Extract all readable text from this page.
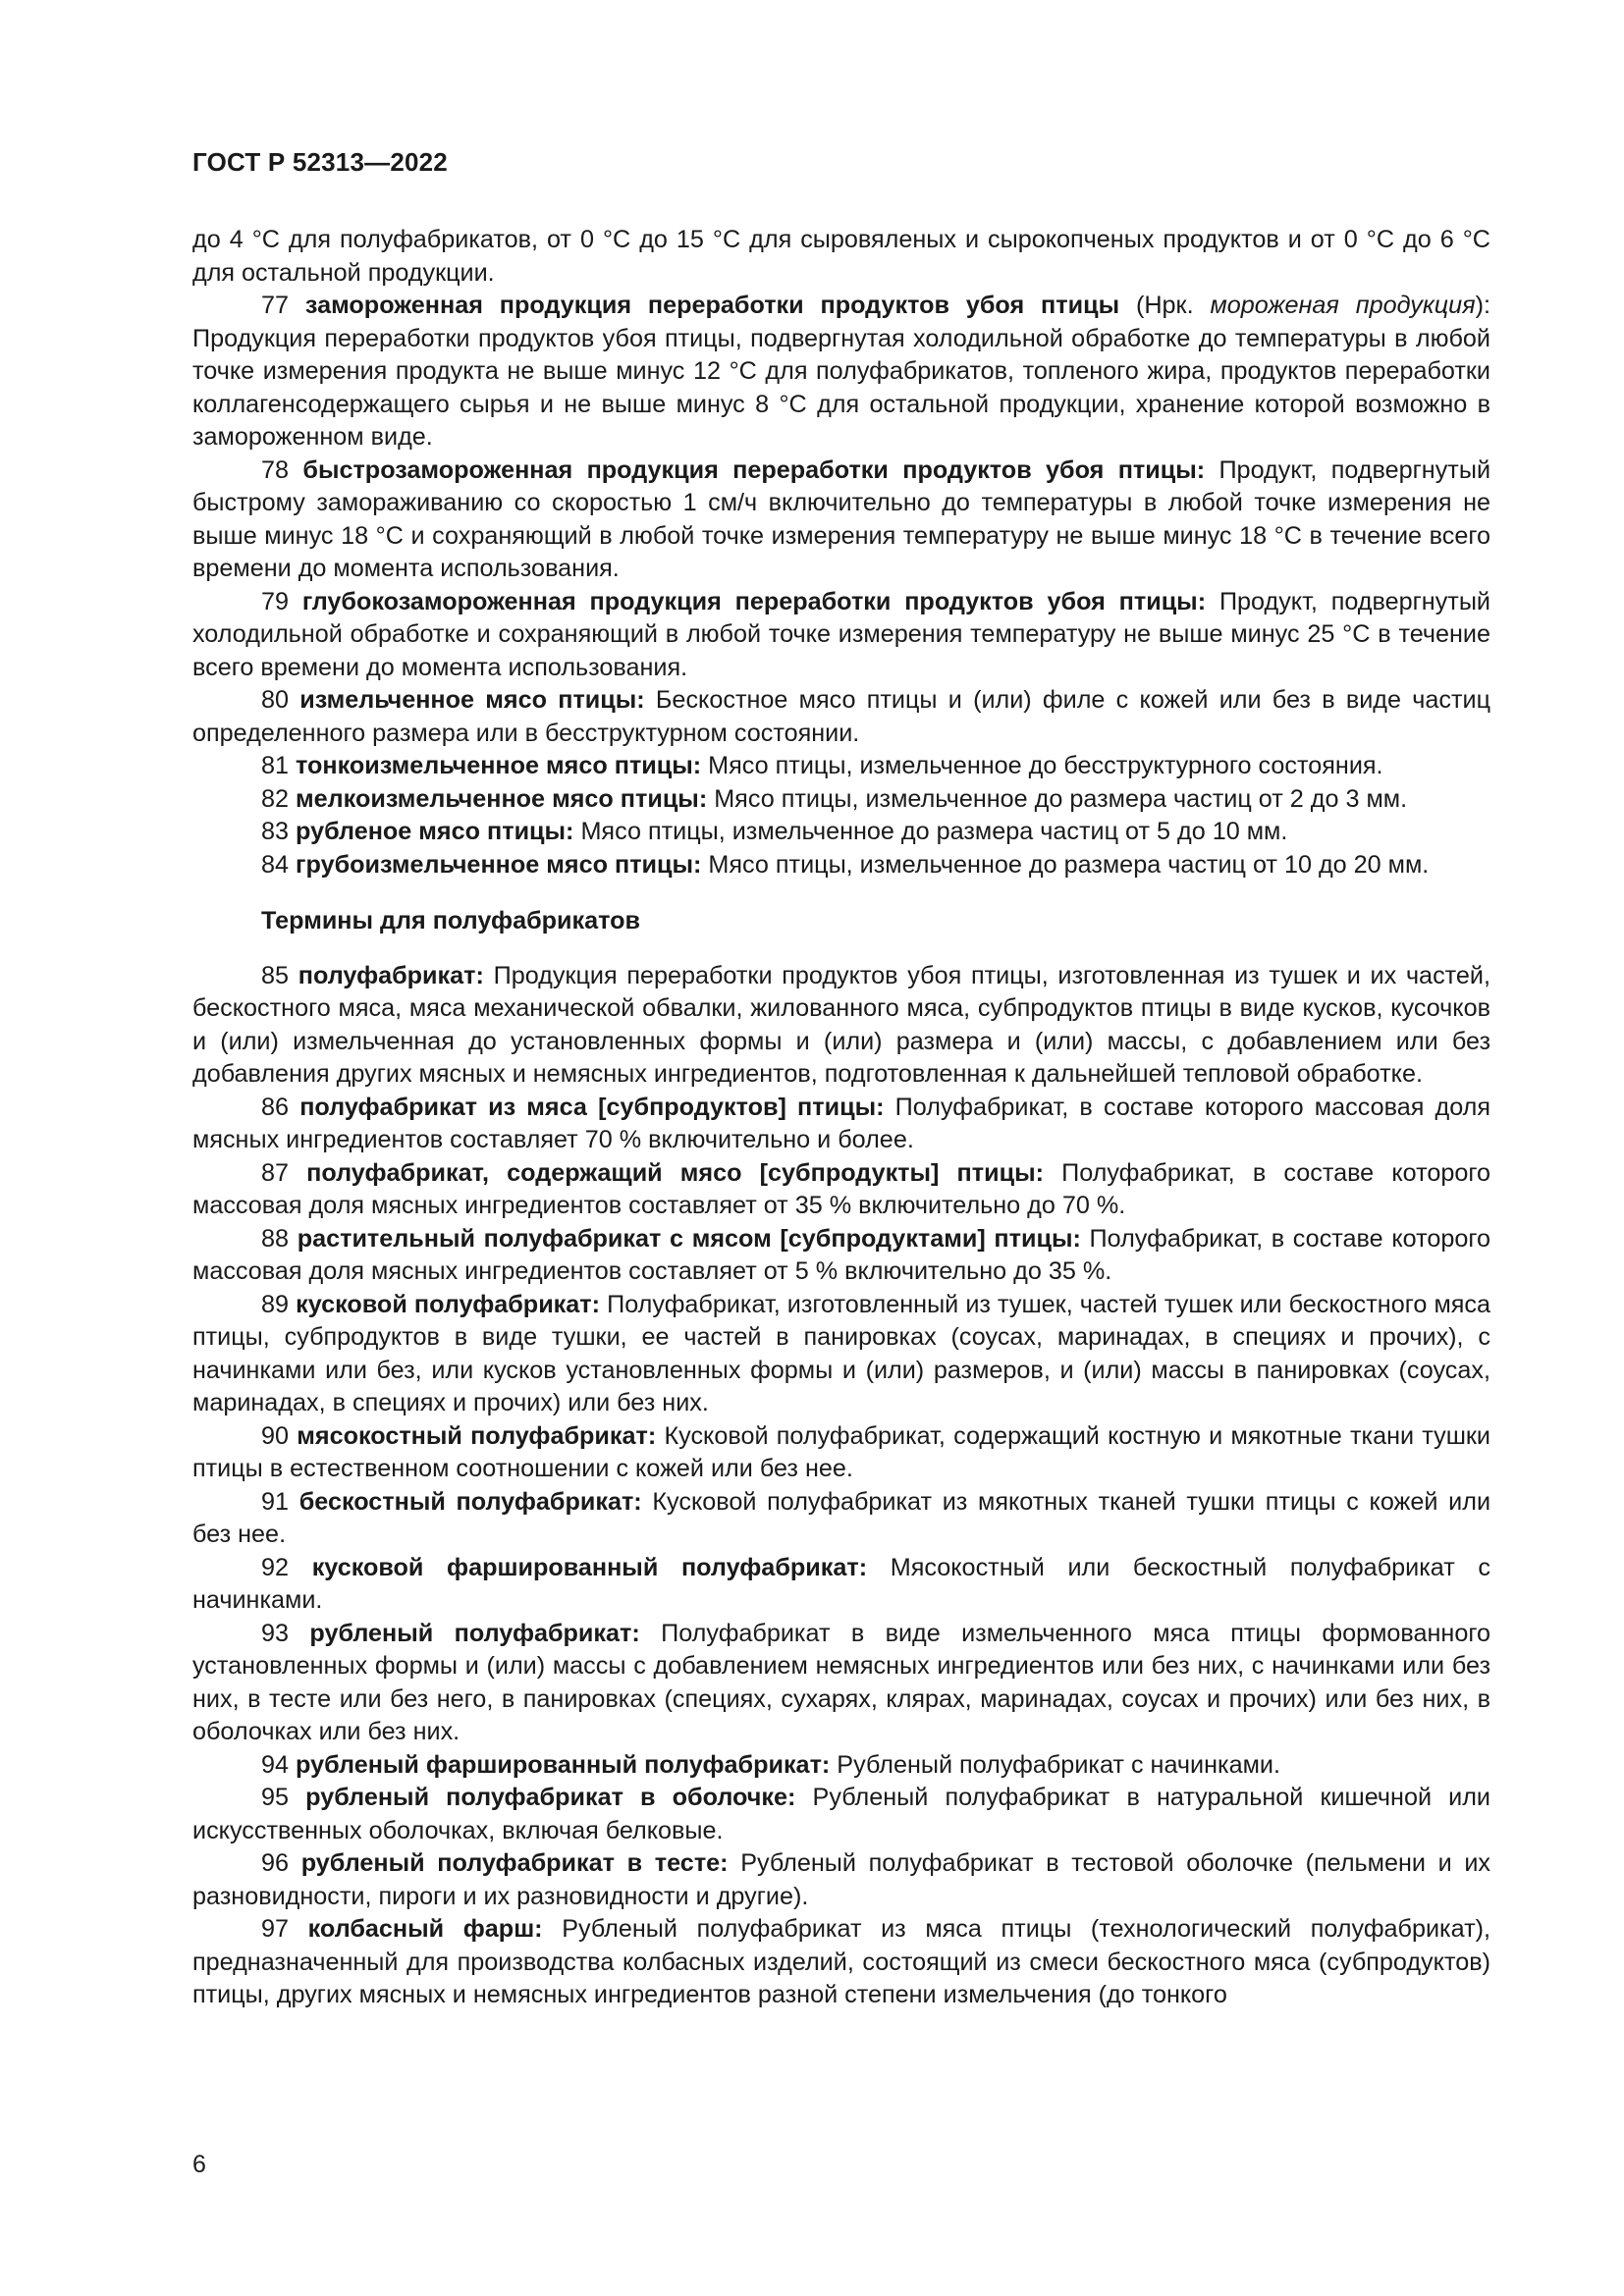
ГОСТ Р 52313—2022

до 4 °C для полуфабрикатов, от 0 °C до 15 °C для сыровяленых и сырокопченых продуктов и от 0 °C до 6 °C для остальной продукции.

77 замороженная продукция переработки продуктов убоя птицы (Нрк. мороженая продукция): Продукция переработки продуктов убоя птицы, подвергнутая холодильной обработке до температуры в любой точке измерения продукта не выше минус 12 °C для полуфабрикатов, топленого жира, продуктов переработки коллагенсодержащего сырья и не выше минус 8 °C для остальной продукции, хранение которой возможно в замороженном виде.

78 быстрозамороженная продукция переработки продуктов убоя птицы: Продукт, подвергнутый быстрому замораживанию со скоростью 1 см/ч включительно до температуры в любой точке измерения не выше минус 18 °C и сохраняющий в любой точке измерения температуру не выше минус 18 °C в течение всего времени до момента использования.

79 глубокозамороженная продукция переработки продуктов убоя птицы: Продукт, подвергнутый холодильной обработке и сохраняющий в любой точке измерения температуру не выше минус 25 °C в течение всего времени до момента использования.

80 измельченное мясо птицы: Бескостное мясо птицы и (или) филе с кожей или без в виде частиц определенного размера или в бесструктурном состоянии.

81 тонкоизмельченное мясо птицы: Мясо птицы, измельченное до бесструктурного состояния.

82 мелкоизмельченное мясо птицы: Мясо птицы, измельченное до размера частиц от 2 до 3 мм.

83 рубленое мясо птицы: Мясо птицы, измельченное до размера частиц от 5 до 10 мм.

84 грубоизмельченное мясо птицы: Мясо птицы, измельченное до размера частиц от 10 до 20 мм.

Термины для полуфабрикатов

85 полуфабрикат: Продукция переработки продуктов убоя птицы, изготовленная из тушек и их частей, бескостного мяса, мяса механической обвалки, жилованного мяса, субпродуктов птицы в виде кусков, кусочков и (или) измельченная до установленных формы и (или) размера и (или) массы, с добавлением или без добавления других мясных и немясных ингредиентов, подготовленная к дальнейшей тепловой обработке.

86 полуфабрикат из мяса [субпродуктов] птицы: Полуфабрикат, в составе которого массовая доля мясных ингредиентов составляет 70 % включительно и более.

87 полуфабрикат, содержащий мясо [субпродукты] птицы: Полуфабрикат, в составе которого массовая доля мясных ингредиентов составляет от 35 % включительно до 70 %.

88 растительный полуфабрикат с мясом [субпродуктами] птицы: Полуфабрикат, в составе которого массовая доля мясных ингредиентов составляет от 5 % включительно до 35 %.

89 кусковой полуфабрикат: Полуфабрикат, изготовленный из тушек, частей тушек или бескостного мяса птицы, субпродуктов в виде тушки, ее частей в панировках (соусах, маринадах, в специях и прочих), с начинками или без, или кусков установленных формы и (или) размеров, и (или) массы в панировках (соусах, маринадах, в специях и прочих) или без них.

90 мясокостный полуфабрикат: Кусковой полуфабрикат, содержащий костную и мякотные ткани тушки птицы в естественном соотношении с кожей или без нее.

91 бескостный полуфабрикат: Кусковой полуфабрикат из мякотных тканей тушки птицы с кожей или без нее.

92 кусковой фаршированный полуфабрикат: Мясокостный или бескостный полуфабрикат с начинками.

93 рубленый полуфабрикат: Полуфабрикат в виде измельченного мяса птицы формованного установленных формы и (или) массы с добавлением немясных ингредиентов или без них, с начинками или без них, в тесте или без него, в панировках (специях, сухарях, клярах, маринадах, соусах и прочих) или без них, в оболочках или без них.

94 рубленый фаршированный полуфабрикат: Рубленый полуфабрикат с начинками.

95 рубленый полуфабрикат в оболочке: Рубленый полуфабрикат в натуральной кишечной или искусственных оболочках, включая белковые.

96 рубленый полуфабрикат в тесте: Рубленый полуфабрикат в тестовой оболочке (пельмени и их разновидности, пироги и их разновидности и другие).

97 колбасный фарш: Рубленый полуфабрикат из мяса птицы (технологический полуфабрикат), предназначенный для производства колбасных изделий, состоящий из смеси бескостного мяса (субпродуктов) птицы, других мясных и немясных ингредиентов разной степени измельчения (до тонкого

6
